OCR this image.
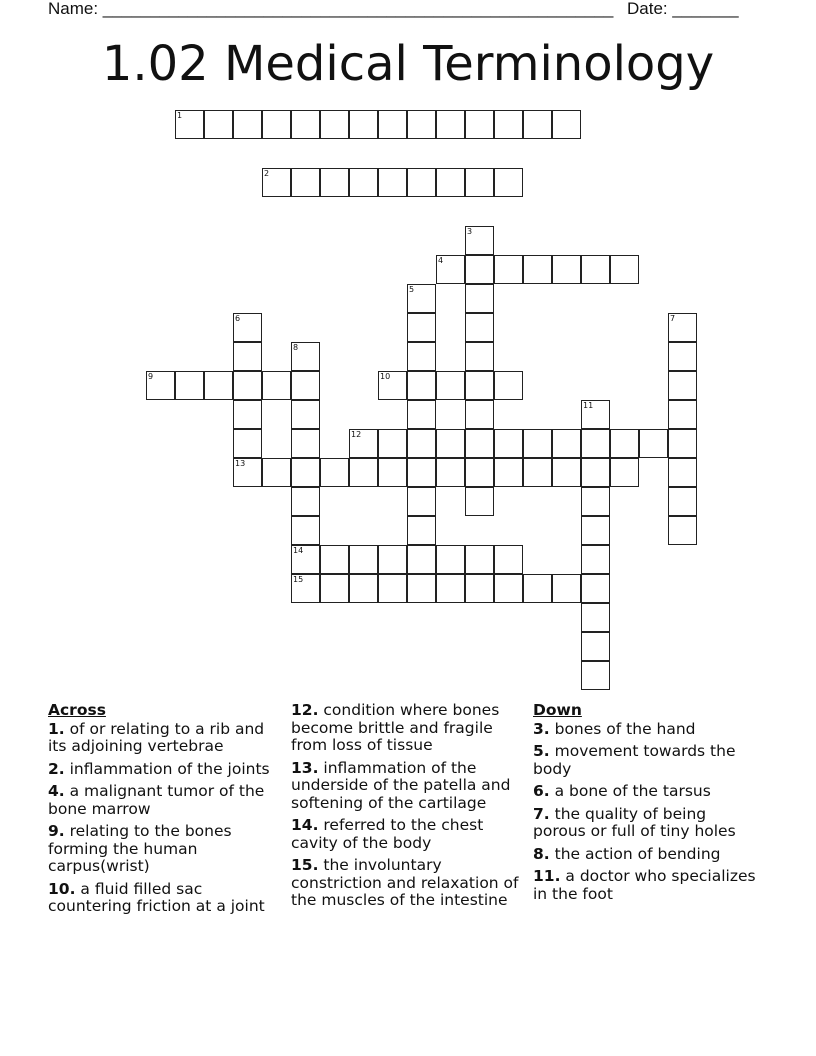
Name: ______________________________________________________ Date: _______
1.02 Medical Terminology
1
2
3
4
5
6
13
7
8
9	10
11
12
14
15
Across
1. of or relating to a rib and its adjoining vertebrae
2. inflammation of the joints
4. a malignant tumor of the bone marrow
9. relating to the bones forming the human carpus(wrist)
10. a fluid filled sac countering friction at a joint
12. condition where bones become brittle and fragile from loss of tissue
13. inflammation of the underside of the patella and softening of the cartilage
14. referred to the chest cavity of the body
15. the involuntary constriction and relaxation of the muscles of the intestine
Down
3. bones of the hand
5. movement towards the body
6. a bone of the tarsus
7. the quality of being porous or full of tiny holes
8. the action of bending
11. a doctor who specializes in the foot
